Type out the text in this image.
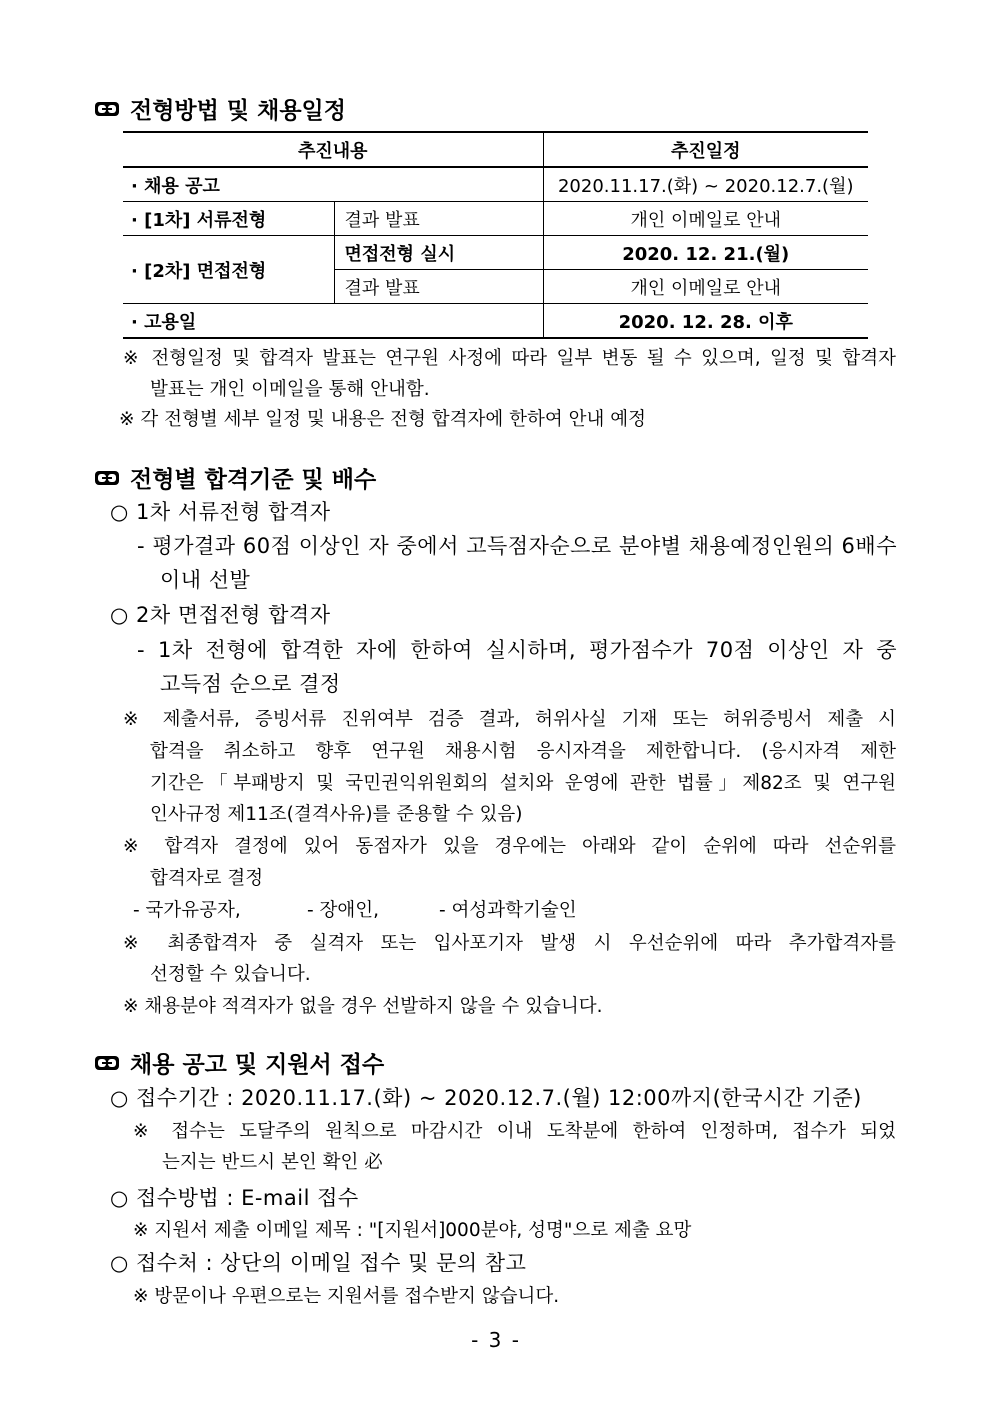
전형방법 및 채용일정
추진내용		추진일정
· 채용 공고		2020.11.17.(화) ~ 2020.12.7.(월)
· [1차] 서류전형	결과 발표	개인 이메일로 안내
· [2차] 면접전형	면접전형 실시	2020. 12. 21.(월)
	결과 발표	개인 이메일로 안내
· 고용일		2020. 12. 28. 이후
※ 전형일정 및 합격자 발표는 연구원 사정에 따라 일부 변동 될 수 있으며, 일정 및 합격자
발표는 개인 이메일을 통해 안내함.
※ 각 전형별 세부 일정 및 내용은 전형 합격자에 한하여 안내 예정
전형별 합격기준 및 배수
○ 1차 서류전형 합격자
- 평가결과 60점 이상인 자 중에서 고득점자순으로 분야별 채용예정인원의 6배수
이내 선발
○ 2차 면접전형 합격자
- 1차 전형에 합격한 자에 한하여 실시하며, 평가점수가 70점 이상인 자 중
고득점 순으로 결정
※ 제출서류, 증빙서류 진위여부 검증 결과, 허위사실 기재 또는 허위증빙서 제출 시
합격을 취소하고 향후 연구원 채용시험 응시자격을 제한합니다. (응시자격 제한
기간은「부패방지 및 국민권익위원회의 설치와 운영에 관한 법률」제82조 및 연구원
인사규정 제11조(결격사유)를 준용할 수 있음)
※ 합격자 결정에 있어 동점자가 있을 경우에는 아래와 같이 순위에 따라 선순위를
합격자로 결정
- 국가유공자,	- 장애인,	- 여성과학기술인
※ 최종합격자 중 실격자 또는 입사포기자 발생 시 우선순위에 따라 추가합격자를
선정할 수 있습니다.
※ 채용분야 적격자가 없을 경우 선발하지 않을 수 있습니다.
채용 공고 및 지원서 접수
○ 접수기간 : 2020.11.17.(화) ~ 2020.12.7.(월) 12:00까지(한국시간 기준)
※ 접수는 도달주의 원칙으로 마감시간 이내 도착분에 한하여 인정하며, 접수가 되었
는지는 반드시 본인 확인 必
○ 접수방법 : E-mail 접수
※ 지원서 제출 이메일 제목 : "[지원서]000분야, 성명"으로 제출 요망
○ 접수처 : 상단의 이메일 접수 및 문의 참고
※ 방문이나 우편으로는 지원서를 접수받지 않습니다.
- 3 -
